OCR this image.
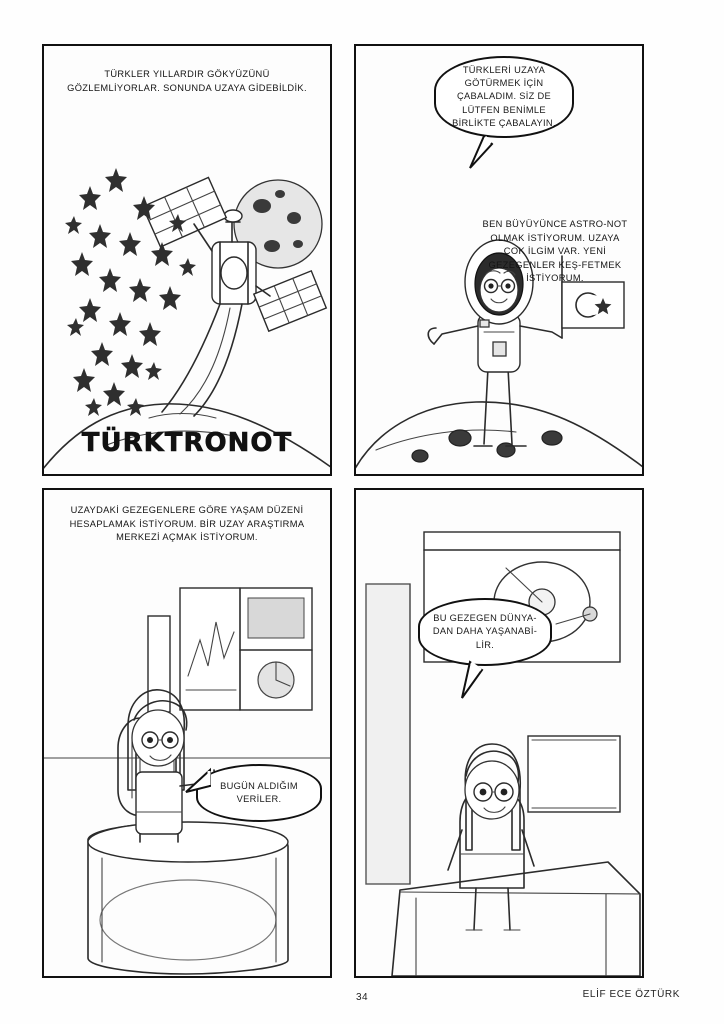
TÜRKLER YILLARDIR GÖKYÜZÜNÜ GÖZLEMLİYORLAR. SONUNDA UZAYA GİDEBİLDİK.
TÜRKTRONOT
TÜRKLERİ UZAYA GÖTÜRMEK İÇİN ÇABALADIM. SİZ DE LÜTFEN BENİMLE BİRLİKTE ÇABALAYIN.
BEN BÜYÜYÜNCE ASTRO-NOT OLMAK İSTİYORUM. UZAYA ÇOK İLGİM VAR. YENİ GEZEGENLER KEŞ-FETMEK İSTİYORUM.
UZAYDAKİ GEZEGENLERE GÖRE YAŞAM DÜZENİ HESAPLAMAK İSTİYORUM. BİR UZAY ARAŞTIRMA MERKEZİ AÇMAK İSTİYORUM.
BUGÜN ALDIĞIM VERİLER.
BU GEZEGEN DÜNYA-DAN DAHA YAŞANABİ-LİR.
34	ELİF ECE ÖZTÜRK
